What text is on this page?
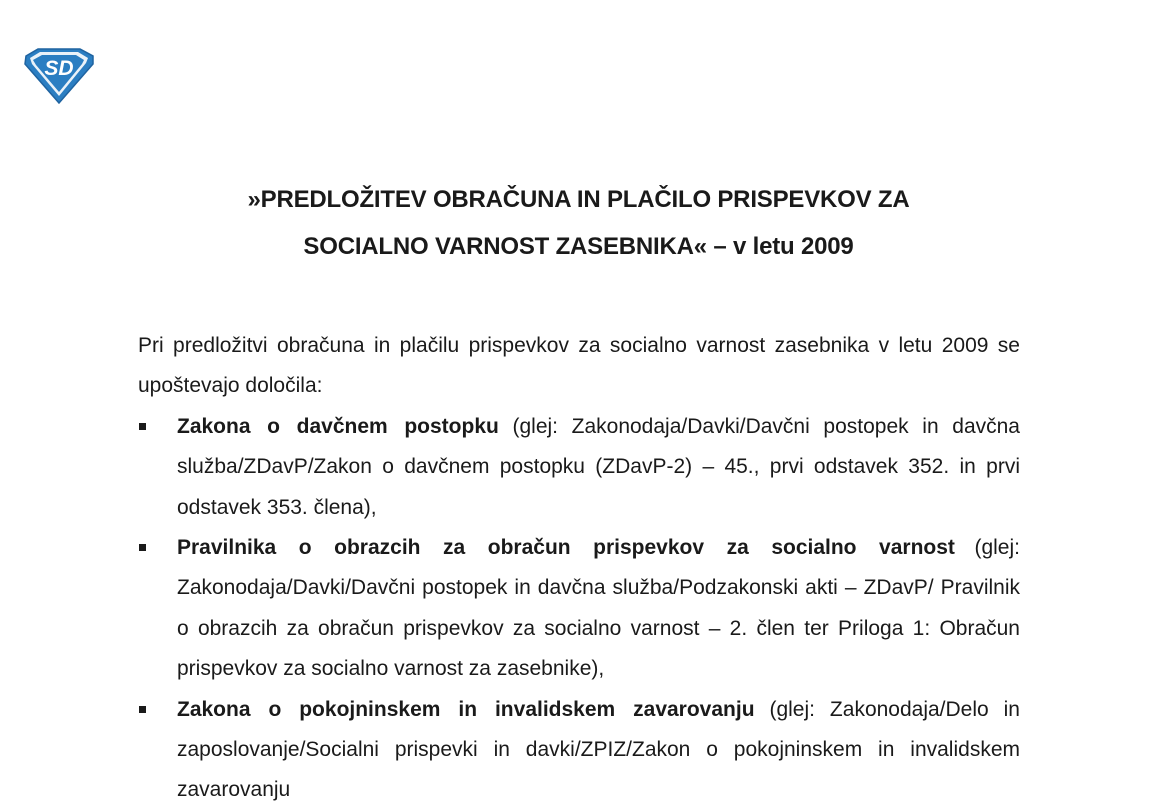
SD
»PREDLOŽITEV OBRAČUNA IN PLAČILO PRISPEVKOV ZA
SOCIALNO VARNOST ZASEBNIKA« – v letu 2009

Pri predložitvi obračuna in plačilu prispevkov za socialno varnost zasebnika v letu 2009 se upoštevajo določila:

Zakona o davčnem postopku (glej: Zakonodaja/Davki/Davčni postopek in davčna služba/ZDavP/Zakon o davčnem postopku (ZDavP-2) – 45., prvi odstavek 352. in prvi odstavek 353. člena),
Pravilnika o obrazcih za obračun prispevkov za socialno varnost (glej: Zakonodaja/Davki/Davčni postopek in davčna služba/Podzakonski akti – ZDavP/ Pravilnik o obrazcih za obračun prispevkov za socialno varnost – 2. člen ter Priloga 1: Obračun prispevkov za socialno varnost za zasebnike),
Zakona o pokojninskem in invalidskem zavarovanju (glej: Zakonodaja/Delo in zaposlovanje/Socialni prispevki in davki/ZPIZ/Zakon o pokojninskem in invalidskem zavarovanju
